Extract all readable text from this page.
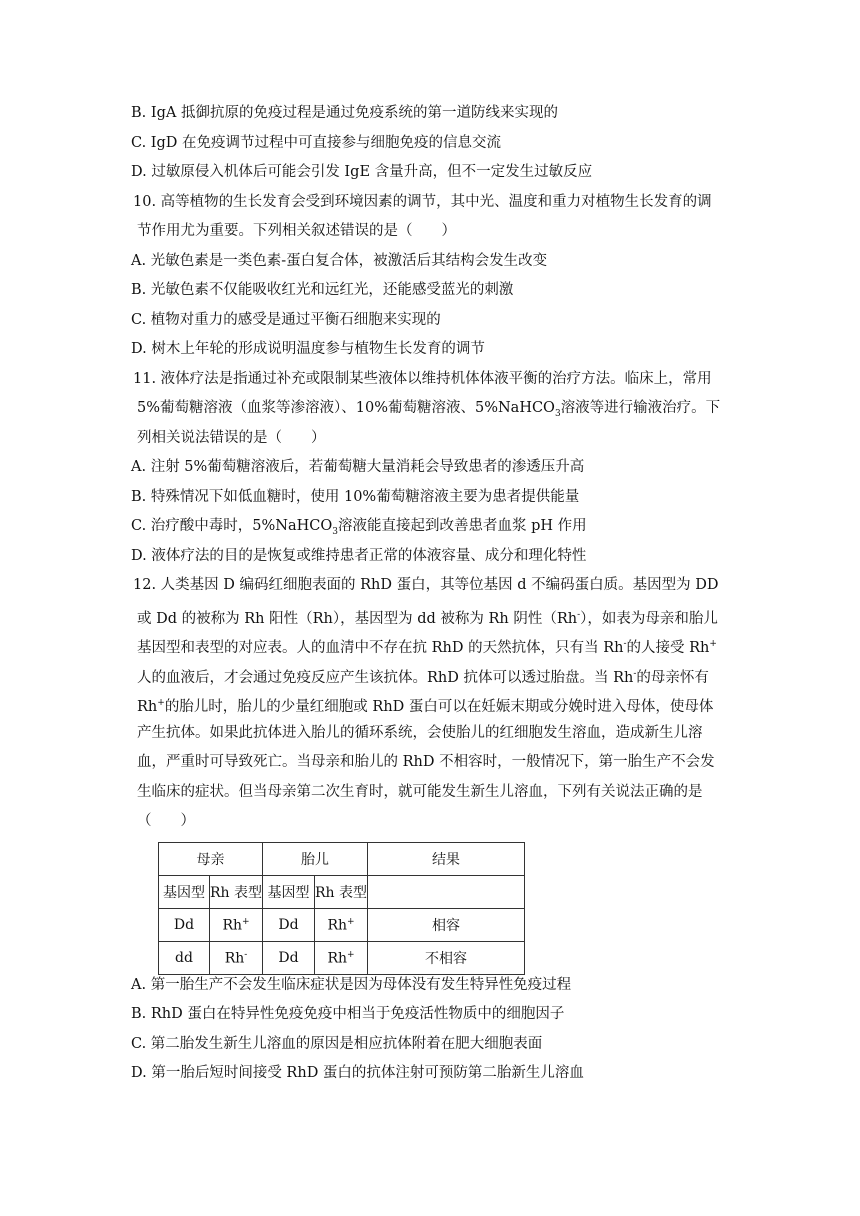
B. IgA 抵御抗原的免疫过程是通过免疫系统的第一道防线来实现的
C. IgD 在免疫调节过程中可直接参与细胞免疫的信息交流
D. 过敏原侵入机体后可能会引发 IgE 含量升高，但不一定发生过敏反应
10. 高等植物的生长发育会受到环境因素的调节，其中光、温度和重力对植物生长发育的调
节作用尤为重要。下列相关叙述错误的是（　　）
A. 光敏色素是一类色素-蛋白复合体，被激活后其结构会发生改变
B. 光敏色素不仅能吸收红光和远红光，还能感受蓝光的刺激
C. 植物对重力的感受是通过平衡石细胞来实现的
D. 树木上年轮的形成说明温度参与植物生长发育的调节
11. 液体疗法是指通过补充或限制某些液体以维持机体体液平衡的治疗方法。临床上，常用
5%葡萄糖溶液（血浆等渗溶液）、10%葡萄糖溶液、5%NaHCO$_3$溶液等进行输液治疗。下
列相关说法错误的是（　　）
A. 注射 5%葡萄糖溶液后，若葡萄糖大量消耗会导致患者的渗透压升高
B. 特殊情况下如低血糖时，使用 10%葡萄糖溶液主要为患者提供能量
C. 治疗酸中毒时，5%NaHCO$_3$溶液能直接起到改善患者血浆 pH 作用
D. 液体疗法的目的是恢复或维持患者正常的体液容量、成分和理化特性
12. 人类基因 D 编码红细胞表面的 RhD 蛋白，其等位基因 d 不编码蛋白质。基因型为 DD
或 Dd 的被称为 Rh 阳性（Rh），基因型为 dd 被称为 Rh 阴性（Rh-），如表为母亲和胎儿
基因型和表型的对应表。人的血清中不存在抗 RhD 的天然抗体，只有当 Rh-的人接受 Rh+
人的血液后，才会通过免疫反应产生该抗体。RhD 抗体可以透过胎盘。当 Rh-的母亲怀有
Rh+的胎儿时，胎儿的少量红细胞或 RhD 蛋白可以在妊娠末期或分娩时进入母体，使母体
产生抗体。如果此抗体进入胎儿的循环系统，会使胎儿的红细胞发生溶血，造成新生儿溶
血，严重时可导致死亡。当母亲和胎儿的 RhD 不相容时，一般情况下，第一胎生产不会发
生临床的症状。但当母亲第二次生育时，就可能发生新生儿溶血，下列有关说法正确的是
（　　）
母亲		胎儿		结果
基因型	Rh 表型	基因型	Rh 表型	
Dd	Rh+	Dd	Rh+	相容
dd	Rh-	Dd	Rh+	不相容
A. 第一胎生产不会发生临床症状是因为母体没有发生特异性免疫过程
B. RhD 蛋白在特异性免疫免疫中相当于免疫活性物质中的细胞因子
C. 第二胎发生新生儿溶血的原因是相应抗体附着在肥大细胞表面
D. 第一胎后短时间接受 RhD 蛋白的抗体注射可预防第二胎新生儿溶血
